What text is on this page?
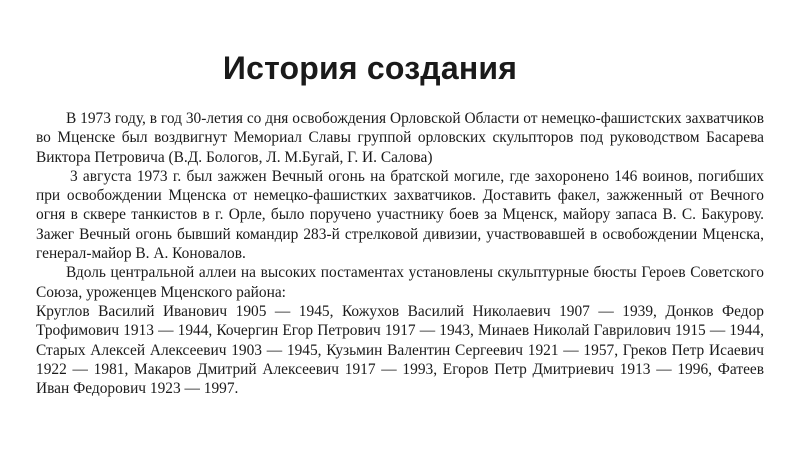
История создания

В 1973 году, в год 30-летия со дня освобождения Орловской Области от немецко-фашистских захватчиков во Мценске был воздвигнут Мемориал Славы группой орловских скульпторов под руководством Басарева Виктора Петровича (В.Д. Бологов, Л. М.Бугай, Г. И. Салова)

3 августа 1973 г. был зажжен Вечный огонь на братской могиле, где захоронено 146 воинов, погибших при освобождении Мценска от немецко-фашистких захватчиков. Доставить факел, зажженный от Вечного огня в сквере танкистов в г. Орле, было поручено участнику боев за Мценск, майору запаса В. С. Бакурову. Зажег Вечный огонь бывший командир 283-й стрелковой дивизии, участвовавшей в освобождении Мценска, генерал-майор В. А. Коновалов.

Вдоль центральной аллеи на высоких постаментах установлены скульптурные бюсты Героев Советского Союза, уроженцев Мценского района:

Круглов Василий Иванович 1905 — 1945, Кожухов Василий Николаевич 1907 — 1939, Донков Федор Трофимович 1913 — 1944, Кочергин Егор Петрович 1917 — 1943, Минаев Николай Гаврилович 1915 — 1944, Старых Алексей Алексеевич 1903 — 1945, Кузьмин Валентин Сергеевич 1921 — 1957, Греков Петр Исаевич 1922 — 1981, Макаров Дмитрий Алексеевич 1917 — 1993, Егоров Петр Дмитриевич 1913 — 1996, Фатеев Иван Федорович 1923 — 1997.
